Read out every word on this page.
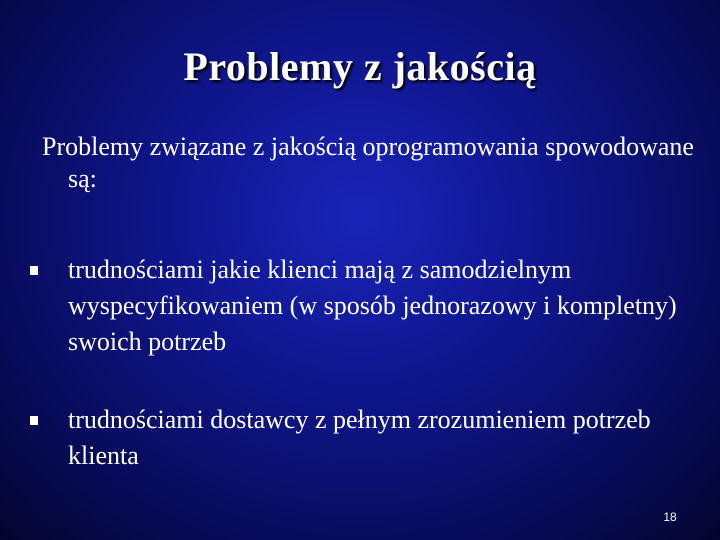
Problemy z jakością
Problemy związane z jakością oprogramowania spowodowane są:
trudnościami jakie klienci mają z samodzielnym wyspecyfikowaniem (w sposób jednorazowy i kompletny) swoich potrzeb
trudnościami dostawcy z pełnym zrozumieniem potrzeb klienta
18
